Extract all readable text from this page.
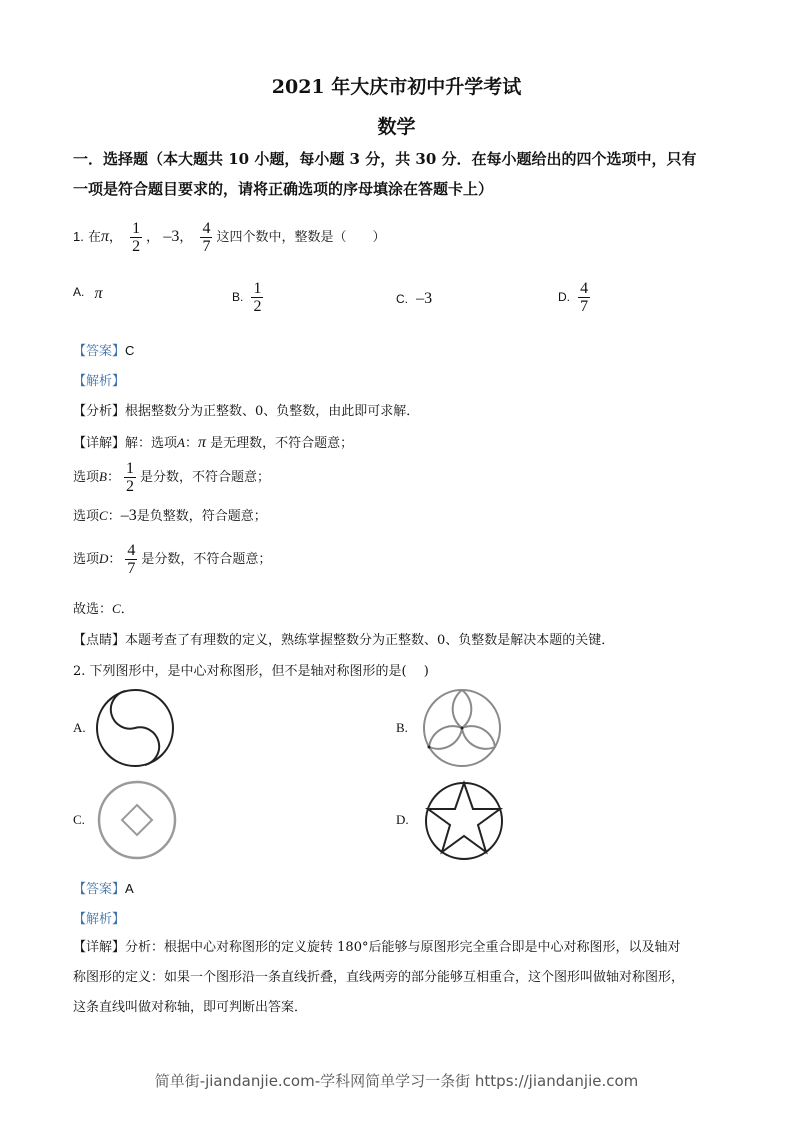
2021 年大庆市初中升学考试
数学
一．选择题（本大题共 10 小题，每小题 3 分，共 30 分．在每小题给出的四个选项中，只有
一项是符合题目要求的，请将正确选项的序母填涂在答题卡上）
1. 在π， $\frac{1}{2}$ ， –3， $\frac{4}{7}$ 这四个数中，整数是（　　）
A. π	B. $\frac{1}{2}$	C. –3	D. $\frac{4}{7}$
【答案】C
【解析】
【分析】根据整数分为正整数、0、负整数，由此即可求解．
【详解】解：选项A：π 是无理数，不符合题意；
选项B： $\frac{1}{2}$ 是分数，不符合题意；
选项C：–3是负整数，符合题意；
选项D： $\frac{4}{7}$ 是分数，不符合题意；
故选：C．
【点睛】本题考查了有理数的定义，熟练掌握整数分为正整数、0、负整数是解决本题的关键．
2. 下列图形中，是中心对称图形，但不是轴对称图形的是(　 )
A.	B.
C.	D.
【答案】A
【解析】
【详解】分析：根据中心对称图形的定义旋转 180°后能够与原图形完全重合即是中心对称图形，以及轴对
称图形的定义：如果一个图形沿一条直线折叠，直线两旁的部分能够互相重合，这个图形叫做轴对称图形，
这条直线叫做对称轴，即可判断出答案．
简单街-jiandanjie.com-学科网简单学习一条街 https://jiandanjie.com
